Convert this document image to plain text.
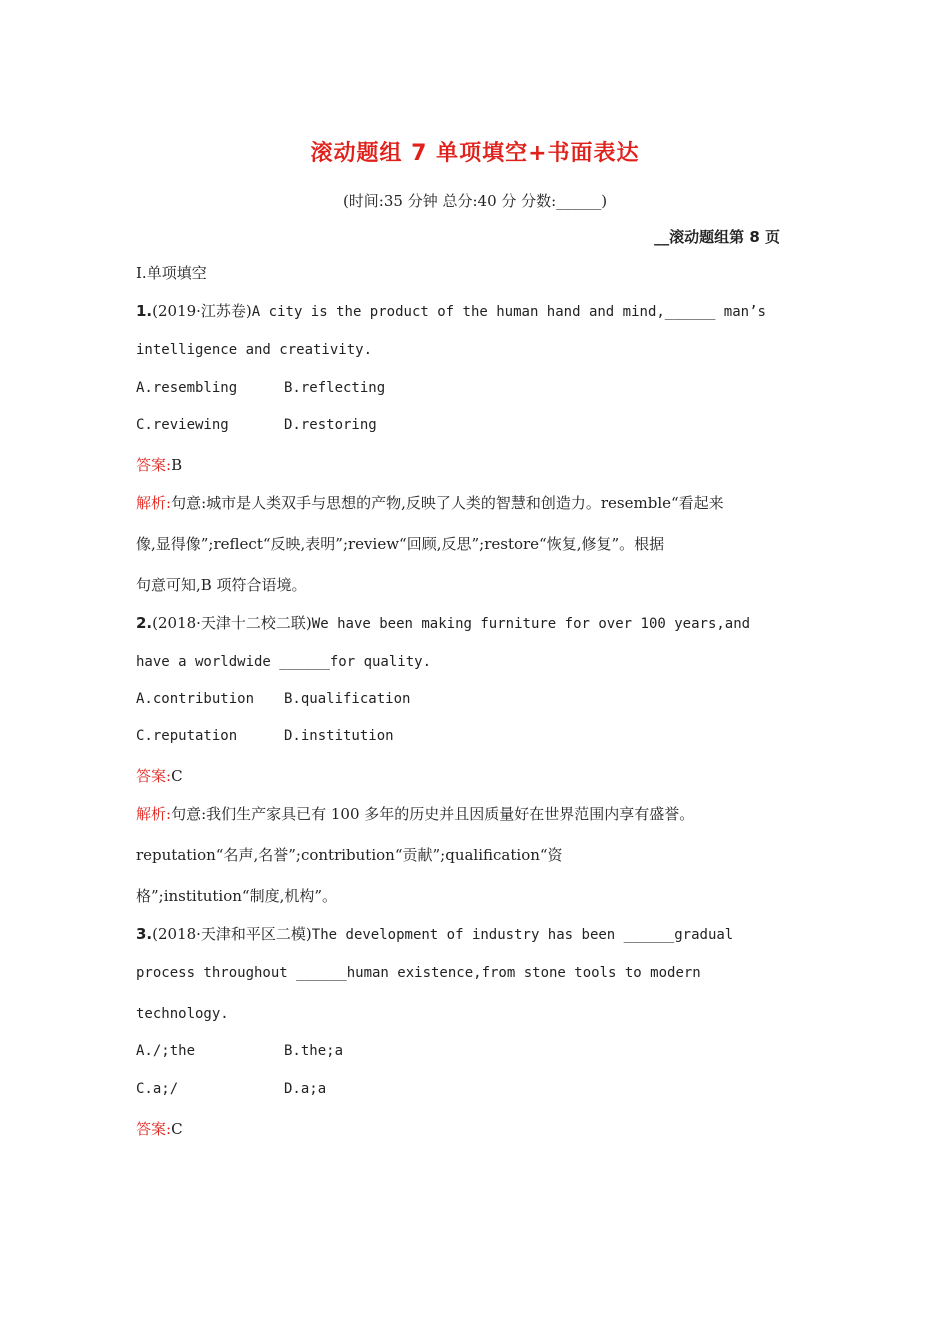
滚动题组 7 单项填空+书面表达
(时间:35 分钟 总分:40 分 分数:______)
__滚动题组第 8 页
Ⅰ.单项填空
1.(2019·江苏卷)A city is the product of the human hand and mind,______ man’s
intelligence and creativity.
A.resembling	B.reflecting
C.reviewing	D.restoring
答案:B
解析:句意:城市是人类双手与思想的产物,反映了人类的智慧和创造力。resemble“看起来
像,显得像”;reflect“反映,表明”;review“回顾,反思”;restore“恢复,修复”。根据
句意可知,B 项符合语境。
2.(2018·天津十二校二联)We have been making furniture for over 100 years,and
have a worldwide ______for quality.
A.contribution B.qualification
C.reputation	D.institution
答案:C
解析:句意:我们生产家具已有 100 多年的历史并且因质量好在世界范围内享有盛誉。
reputation“名声,名誉”;contribution“贡献”;qualification“资
格”;institution“制度,机构”。
3.(2018·天津和平区二模)The development of industry has been ______gradual
process throughout ______human existence,from stone tools to modern
technology.
A./;the	B.the;a
C.a;/	D.a;a
答案:C
